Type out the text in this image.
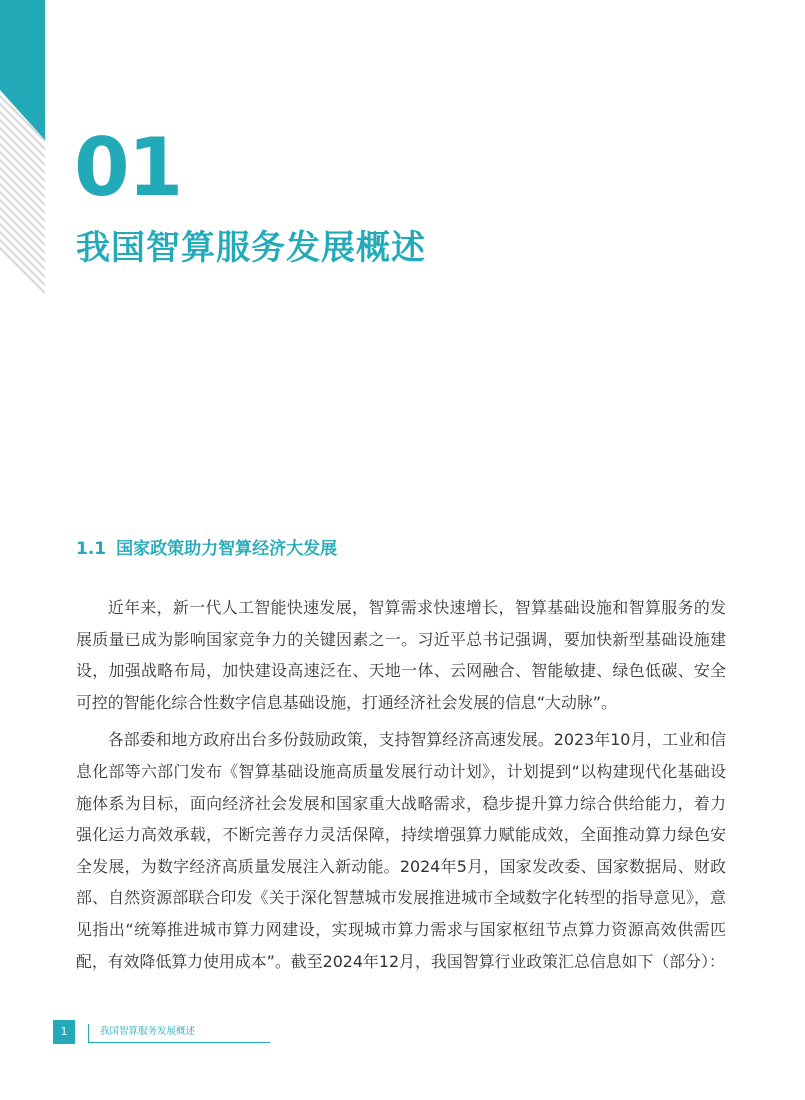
01
我国智算服务发展概述
1.1 国家政策助力智算经济大发展

近年来，新一代人工智能快速发展，智算需求快速增长，智算基础设施和智算服务的发展质量已成为影响国家竞争力的关键因素之一。习近平总书记强调，要加快新型基础设施建设，加强战略布局，加快建设高速泛在、天地一体、云网融合、智能敏捷、绿色低碳、安全可控的智能化综合性数字信息基础设施，打通经济社会发展的信息“大动脉”。

各部委和地方政府出台多份鼓励政策，支持智算经济高速发展。2023年10月，工业和信息化部等六部门发布《智算基础设施高质量发展行动计划》，计划提到“以构建现代化基础设施体系为目标，面向经济社会发展和国家重大战略需求，稳步提升算力综合供给能力，着力强化运力高效承载，不断完善存力灵活保障，持续增强算力赋能成效，全面推动算力绿色安全发展，为数字经济高质量发展注入新动能。2024年5月，国家发改委、国家数据局、财政部、自然资源部联合印发《关于深化智慧城市发展推进城市全域数字化转型的指导意见》，意见指出“统筹推进城市算力网建设，实现城市算力需求与国家枢纽节点算力资源高效供需匹配，有效降低算力使用成本”。截至2024年12月，我国智算行业政策汇总信息如下（部分）：

1	我国智算服务发展概述
